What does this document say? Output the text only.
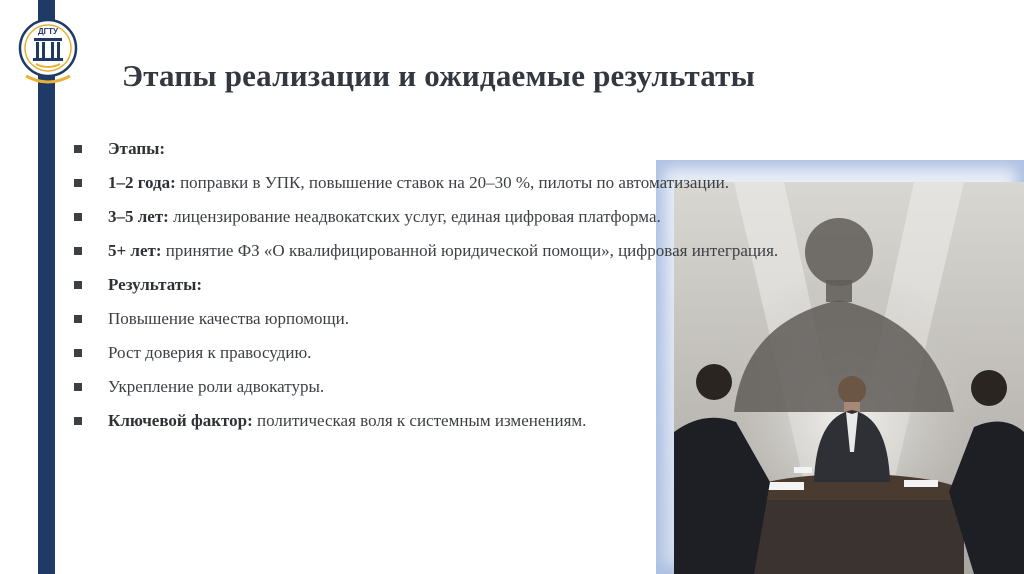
ДГТУ
Этапы реализации и ожидаемые результаты
Этапы:
1–2 года: поправки в УПК, повышение ставок на 20–30 %, пилоты по автоматизации.
3–5 лет: лицензирование неадвокатских услуг, единая цифровая платформа.
5+ лет: принятие ФЗ «О квалифицированной юридической помощи», цифровая интеграция.
Результаты:
Повышение качества юрпомощи.
Рост доверия к правосудию.
Укрепление роли адвокатуры.
Ключевой фактор: политическая воля к системным изменениям.
